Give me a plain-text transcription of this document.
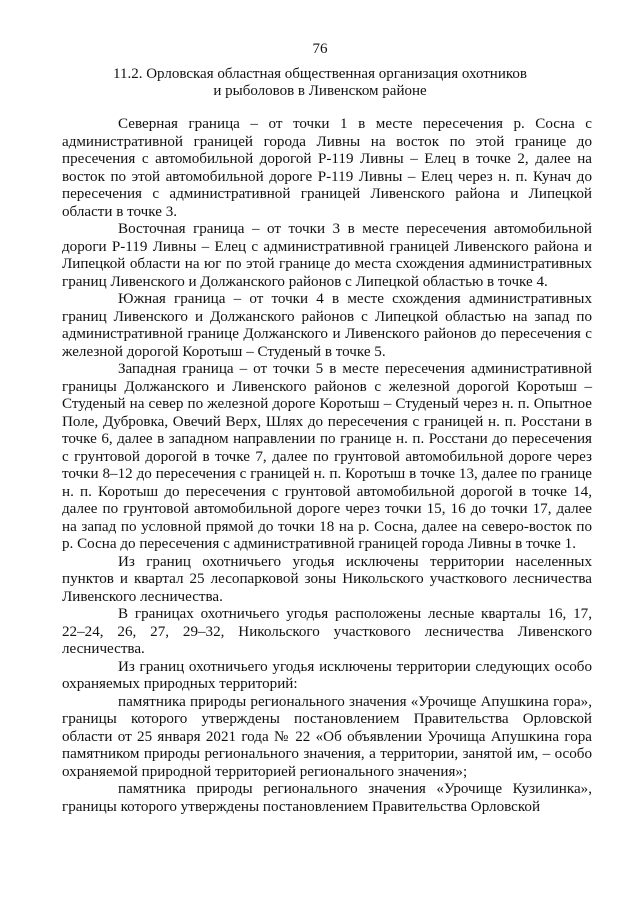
76
11.2. Орловская областная общественная организация охотников
и рыболовов в Ливенском районе

Северная граница – от точки 1 в месте пересечения р. Сосна с административной границей города Ливны на восток по этой границе до пресечения с автомобильной дорогой Р-119 Ливны – Елец в точке 2, далее на восток по этой автомобильной дороге Р-119 Ливны – Елец через н. п. Кунач до пересечения с административной границей Ливенского района и Липецкой области в точке 3.

Восточная граница – от точки 3 в месте пересечения автомобильной дороги Р-119 Ливны – Елец с административной границей Ливенского района и Липецкой области на юг по этой границе до места схождения административных границ Ливенского и Должанского районов с Липецкой областью в точке 4.

Южная граница – от точки 4 в месте схождения административных границ Ливенского и Должанского районов с Липецкой областью на запад по административной границе Должанского и Ливенского районов до пересечения с железной дорогой Коротыш – Студеный в точке 5.

Западная граница – от точки 5 в месте пересечения административной границы Должанского и Ливенского районов с железной дорогой Коротыш – Студеный на север по железной дороге Коротыш – Студеный через н. п. Опытное Поле, Дубровка, Овечий Верх, Шлях до пересечения с границей н. п. Росстани в точке 6, далее в западном направлении по границе н. п. Росстани до пересечения с грунтовой дорогой в точке 7, далее по грунтовой автомобильной дороге через точки 8–12 до пересечения с границей н. п. Коротыш в точке 13, далее по границе н. п. Коротыш до пересечения с грунтовой автомобильной дорогой в точке 14, далее по грунтовой автомобильной дороге через точки 15, 16 до точки 17, далее на запад по условной прямой до точки 18 на р. Сосна, далее на северо-восток по р. Сосна до пересечения с административной границей города Ливны в точке 1.

Из границ охотничьего угодья исключены территории населенных пунктов и квартал 25 лесопарковой зоны Никольского участкового лесничества Ливенского лесничества.

В границах охотничьего угодья расположены лесные кварталы 16, 17, 22–24, 26, 27, 29–32, Никольского участкового лесничества Ливенского лесничества.

Из границ охотничьего угодья исключены территории следующих особо охраняемых природных территорий:

памятника природы регионального значения «Урочище Апушкина гора», границы которого утверждены постановлением Правительства Орловской области от 25 января 2021 года № 22 «Об объявлении Урочища Апушкина гора памятником природы регионального значения, а территории, занятой им, – особо охраняемой природной территорией регионального значения»;

памятника природы регионального значения «Урочище Кузилинка», границы которого утверждены постановлением Правительства Орловской
